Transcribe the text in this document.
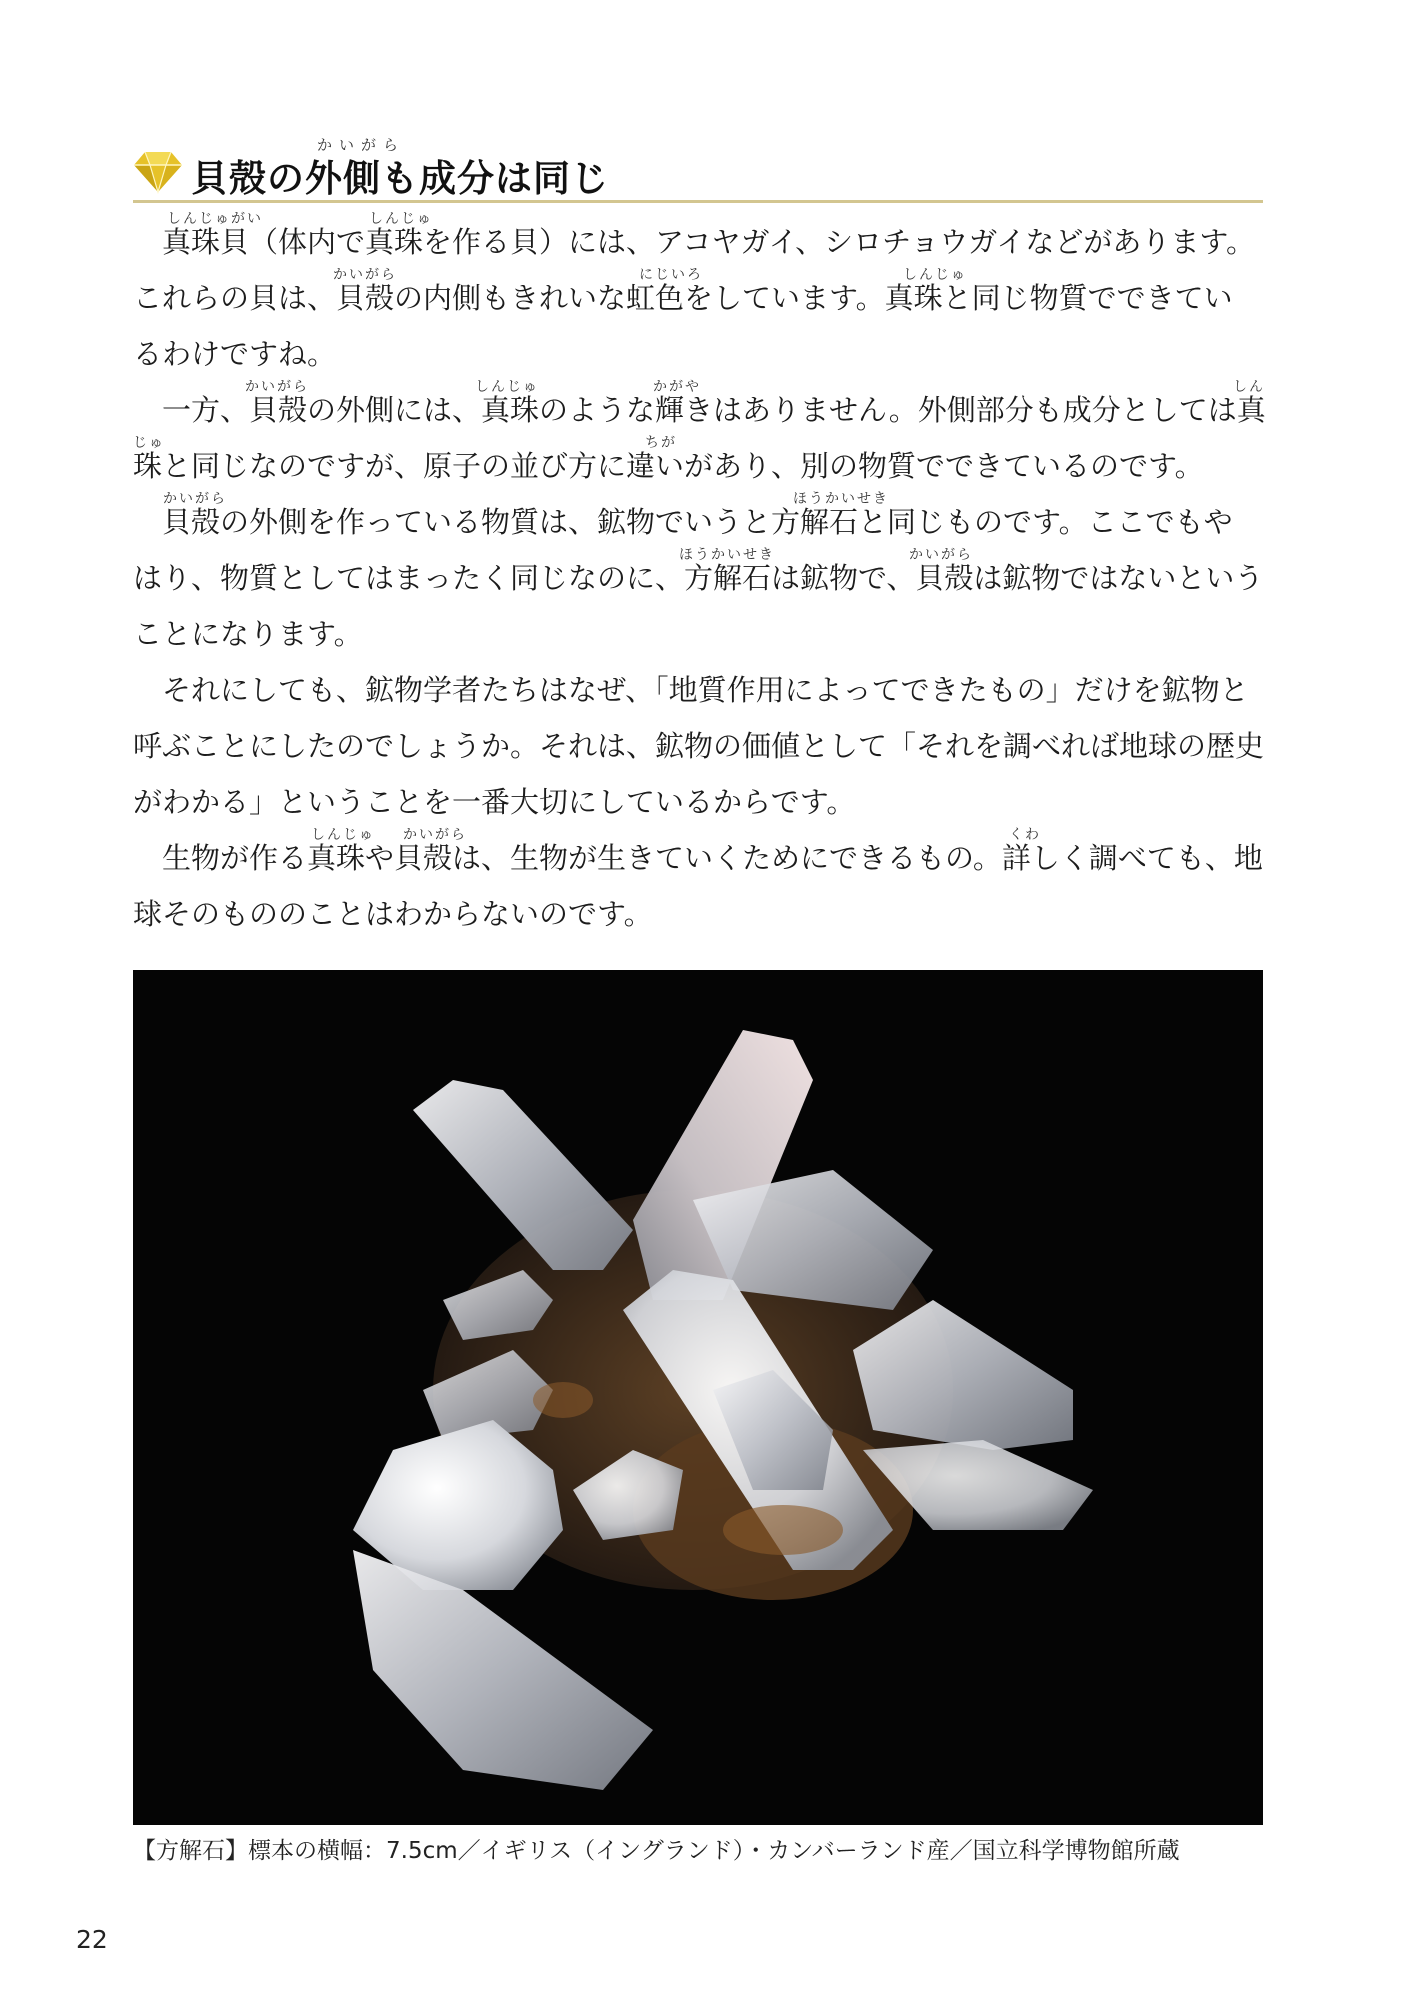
かいがら
貝殻の外側も成分は同じ
しんじゅがい	しんじゅ
　真珠貝（体内で真珠を作る貝）には、アコヤガイ、シロチョウガイなどがあります。
かいがら	にじいろ	しんじゅ
これらの貝は、貝殻の内側もきれいな虹色をしています。真珠と同じ物質でできてい
るわけですね。
かいがら	しんじゅ	かがや	しん
　一方、貝殻の外側には、真珠のような輝きはありません。外側部分も成分としては真
じゅ	ちが
珠と同じなのですが、原子の並び方に違いがあり、別の物質でできているのです。
かいがら	ほうかいせき
　貝殻の外側を作っている物質は、鉱物でいうと方解石と同じものです。ここでもや
ほうかいせき	かいがら
はり、物質としてはまったく同じなのに、方解石は鉱物で、貝殻は鉱物ではないという
ことになります。
　それにしても、鉱物学者たちはなぜ、「地質作用によってできたもの」だけを鉱物と
呼ぶことにしたのでしょうか。それは、鉱物の価値として「それを調べれば地球の歴史
がわかる」ということを一番大切にしているからです。
しんじゅ かいがら	くわ
　生物が作る真珠や貝殻は、生物が生きていくためにできるもの。詳しく調べても、地
球そのもののことはわからないのです。
【方解石】標本の横幅：7.5cm／イギリス（イングランド）・カンバーランド産／国立科学博物館所蔵
22
